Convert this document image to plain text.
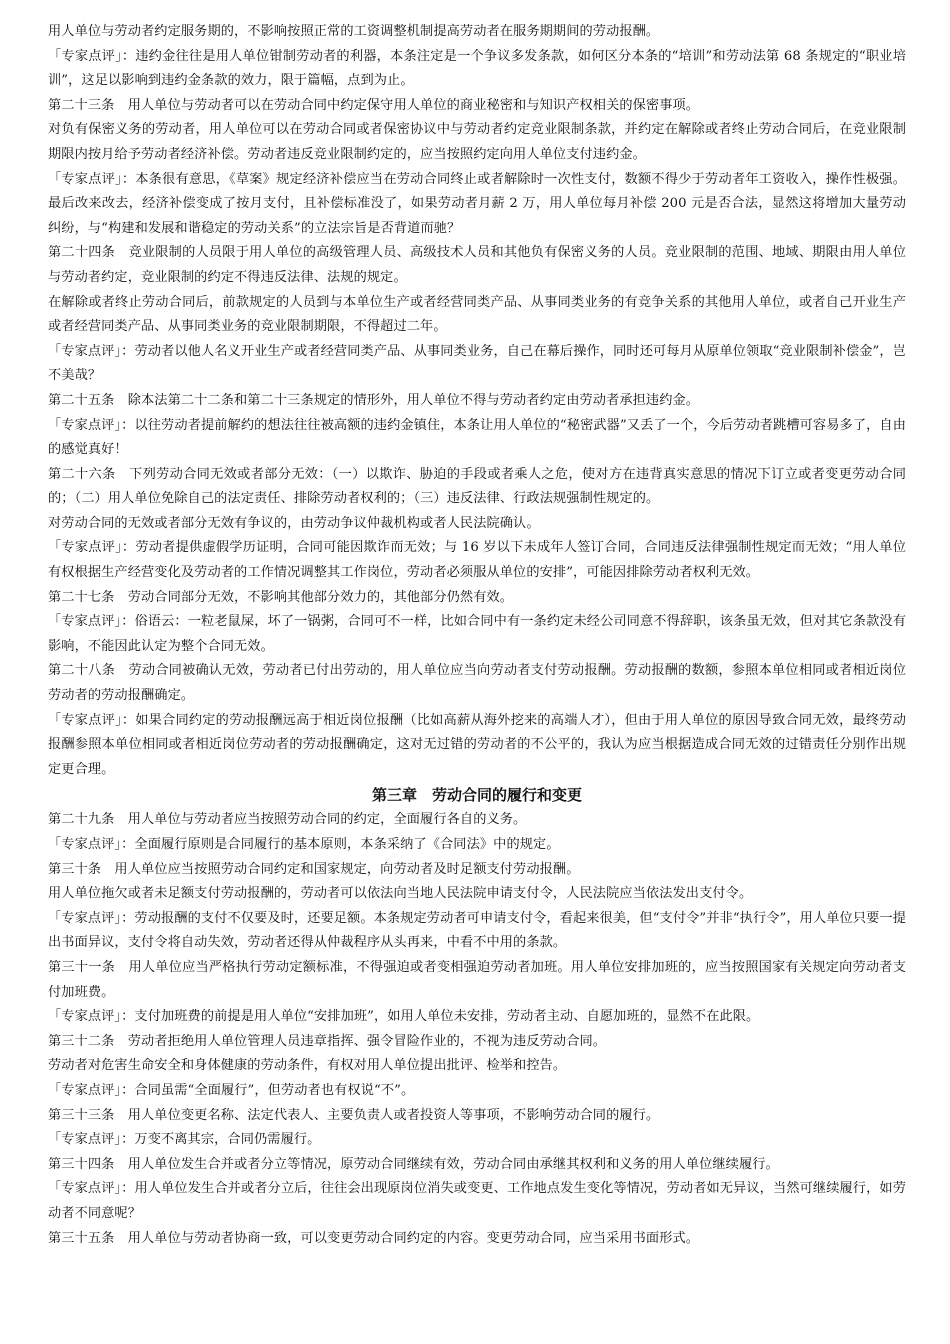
用人单位与劳动者约定服务期的，不影响按照正常的工资调整机制提高劳动者在服务期期间的劳动报酬。

「专家点评」：违约金往往是用人单位钳制劳动者的利器，本条注定是一个争议多发条款，如何区分本条的“培训”和劳动法第 68 条规定的“职业培训”，这足以影响到违约金条款的效力，限于篇幅，点到为止。

第二十三条　用人单位与劳动者可以在劳动合同中约定保守用人单位的商业秘密和与知识产权相关的保密事项。

对负有保密义务的劳动者，用人单位可以在劳动合同或者保密协议中与劳动者约定竞业限制条款，并约定在解除或者终止劳动合同后，在竞业限制期限内按月给予劳动者经济补偿。劳动者违反竞业限制约定的，应当按照约定向用人单位支付违约金。

「专家点评」：本条很有意思，《草案》规定经济补偿应当在劳动合同终止或者解除时一次性支付，数额不得少于劳动者年工资收入，操作性极强。最后改来改去，经济补偿变成了按月支付，且补偿标准没了，如果劳动者月薪 2 万，用人单位每月补偿 200 元是否合法，显然这将增加大量劳动纠纷，与“构建和发展和谐稳定的劳动关系”的立法宗旨是否背道而驰？

第二十四条　竞业限制的人员限于用人单位的高级管理人员、高级技术人员和其他负有保密义务的人员。竞业限制的范围、地域、期限由用人单位与劳动者约定，竞业限制的约定不得违反法律、法规的规定。

在解除或者终止劳动合同后，前款规定的人员到与本单位生产或者经营同类产品、从事同类业务的有竞争关系的其他用人单位，或者自己开业生产或者经营同类产品、从事同类业务的竞业限制期限，不得超过二年。

「专家点评」：劳动者以他人名义开业生产或者经营同类产品、从事同类业务，自己在幕后操作，同时还可每月从原单位领取“竞业限制补偿金”，岂不美哉？

第二十五条　除本法第二十二条和第二十三条规定的情形外，用人单位不得与劳动者约定由劳动者承担违约金。

「专家点评」：以往劳动者提前解约的想法往往被高额的违约金镇住，本条让用人单位的“秘密武器”又丢了一个，今后劳动者跳槽可容易多了，自由的感觉真好！

第二十六条　下列劳动合同无效或者部分无效：（一）以欺诈、胁迫的手段或者乘人之危，使对方在违背真实意思的情况下订立或者变更劳动合同的；（二）用人单位免除自己的法定责任、排除劳动者权利的；（三）违反法律、行政法规强制性规定的。

对劳动合同的无效或者部分无效有争议的，由劳动争议仲裁机构或者人民法院确认。

「专家点评」：劳动者提供虚假学历证明，合同可能因欺诈而无效；与 16 岁以下未成年人签订合同，合同违反法律强制性规定而无效；“用人单位有权根据生产经营变化及劳动者的工作情况调整其工作岗位，劳动者必须服从单位的安排”，可能因排除劳动者权利无效。

第二十七条　劳动合同部分无效，不影响其他部分效力的，其他部分仍然有效。

「专家点评」：俗语云：一粒老鼠屎，坏了一锅粥，合同可不一样，比如合同中有一条约定未经公司同意不得辞职，该条虽无效，但对其它条款没有影响，不能因此认定为整个合同无效。

第二十八条　劳动合同被确认无效，劳动者已付出劳动的，用人单位应当向劳动者支付劳动报酬。劳动报酬的数额，参照本单位相同或者相近岗位劳动者的劳动报酬确定。

「专家点评」：如果合同约定的劳动报酬远高于相近岗位报酬（比如高薪从海外挖来的高端人才），但由于用人单位的原因导致合同无效，最终劳动报酬参照本单位相同或者相近岗位劳动者的劳动报酬确定，这对无过错的劳动者的不公平的，我认为应当根据造成合同无效的过错责任分别作出规定更合理。

第三章　劳动合同的履行和变更

第二十九条　用人单位与劳动者应当按照劳动合同的约定，全面履行各自的义务。

「专家点评」：全面履行原则是合同履行的基本原则，本条采纳了《合同法》中的规定。

第三十条　用人单位应当按照劳动合同约定和国家规定，向劳动者及时足额支付劳动报酬。

用人单位拖欠或者未足额支付劳动报酬的，劳动者可以依法向当地人民法院申请支付令，人民法院应当依法发出支付令。

「专家点评」：劳动报酬的支付不仅要及时，还要足额。本条规定劳动者可申请支付令，看起来很美，但“支付令”并非“执行令”，用人单位只要一提出书面异议，支付令将自动失效，劳动者还得从仲裁程序从头再来，中看不中用的条款。

第三十一条　用人单位应当严格执行劳动定额标准，不得强迫或者变相强迫劳动者加班。用人单位安排加班的，应当按照国家有关规定向劳动者支付加班费。

「专家点评」：支付加班费的前提是用人单位“安排加班”，如用人单位未安排，劳动者主动、自愿加班的，显然不在此限。

第三十二条　劳动者拒绝用人单位管理人员违章指挥、强令冒险作业的，不视为违反劳动合同。

劳动者对危害生命安全和身体健康的劳动条件，有权对用人单位提出批评、检举和控告。

「专家点评」：合同虽需“全面履行”，但劳动者也有权说“不”。

第三十三条　用人单位变更名称、法定代表人、主要负责人或者投资人等事项，不影响劳动合同的履行。

「专家点评」：万变不离其宗，合同仍需履行。

第三十四条　用人单位发生合并或者分立等情况，原劳动合同继续有效，劳动合同由承继其权利和义务的用人单位继续履行。

「专家点评」：用人单位发生合并或者分立后，往往会出现原岗位消失或变更、工作地点发生变化等情况，劳动者如无异议，当然可继续履行，如劳动者不同意呢？

第三十五条　用人单位与劳动者协商一致，可以变更劳动合同约定的内容。变更劳动合同，应当采用书面形式。
